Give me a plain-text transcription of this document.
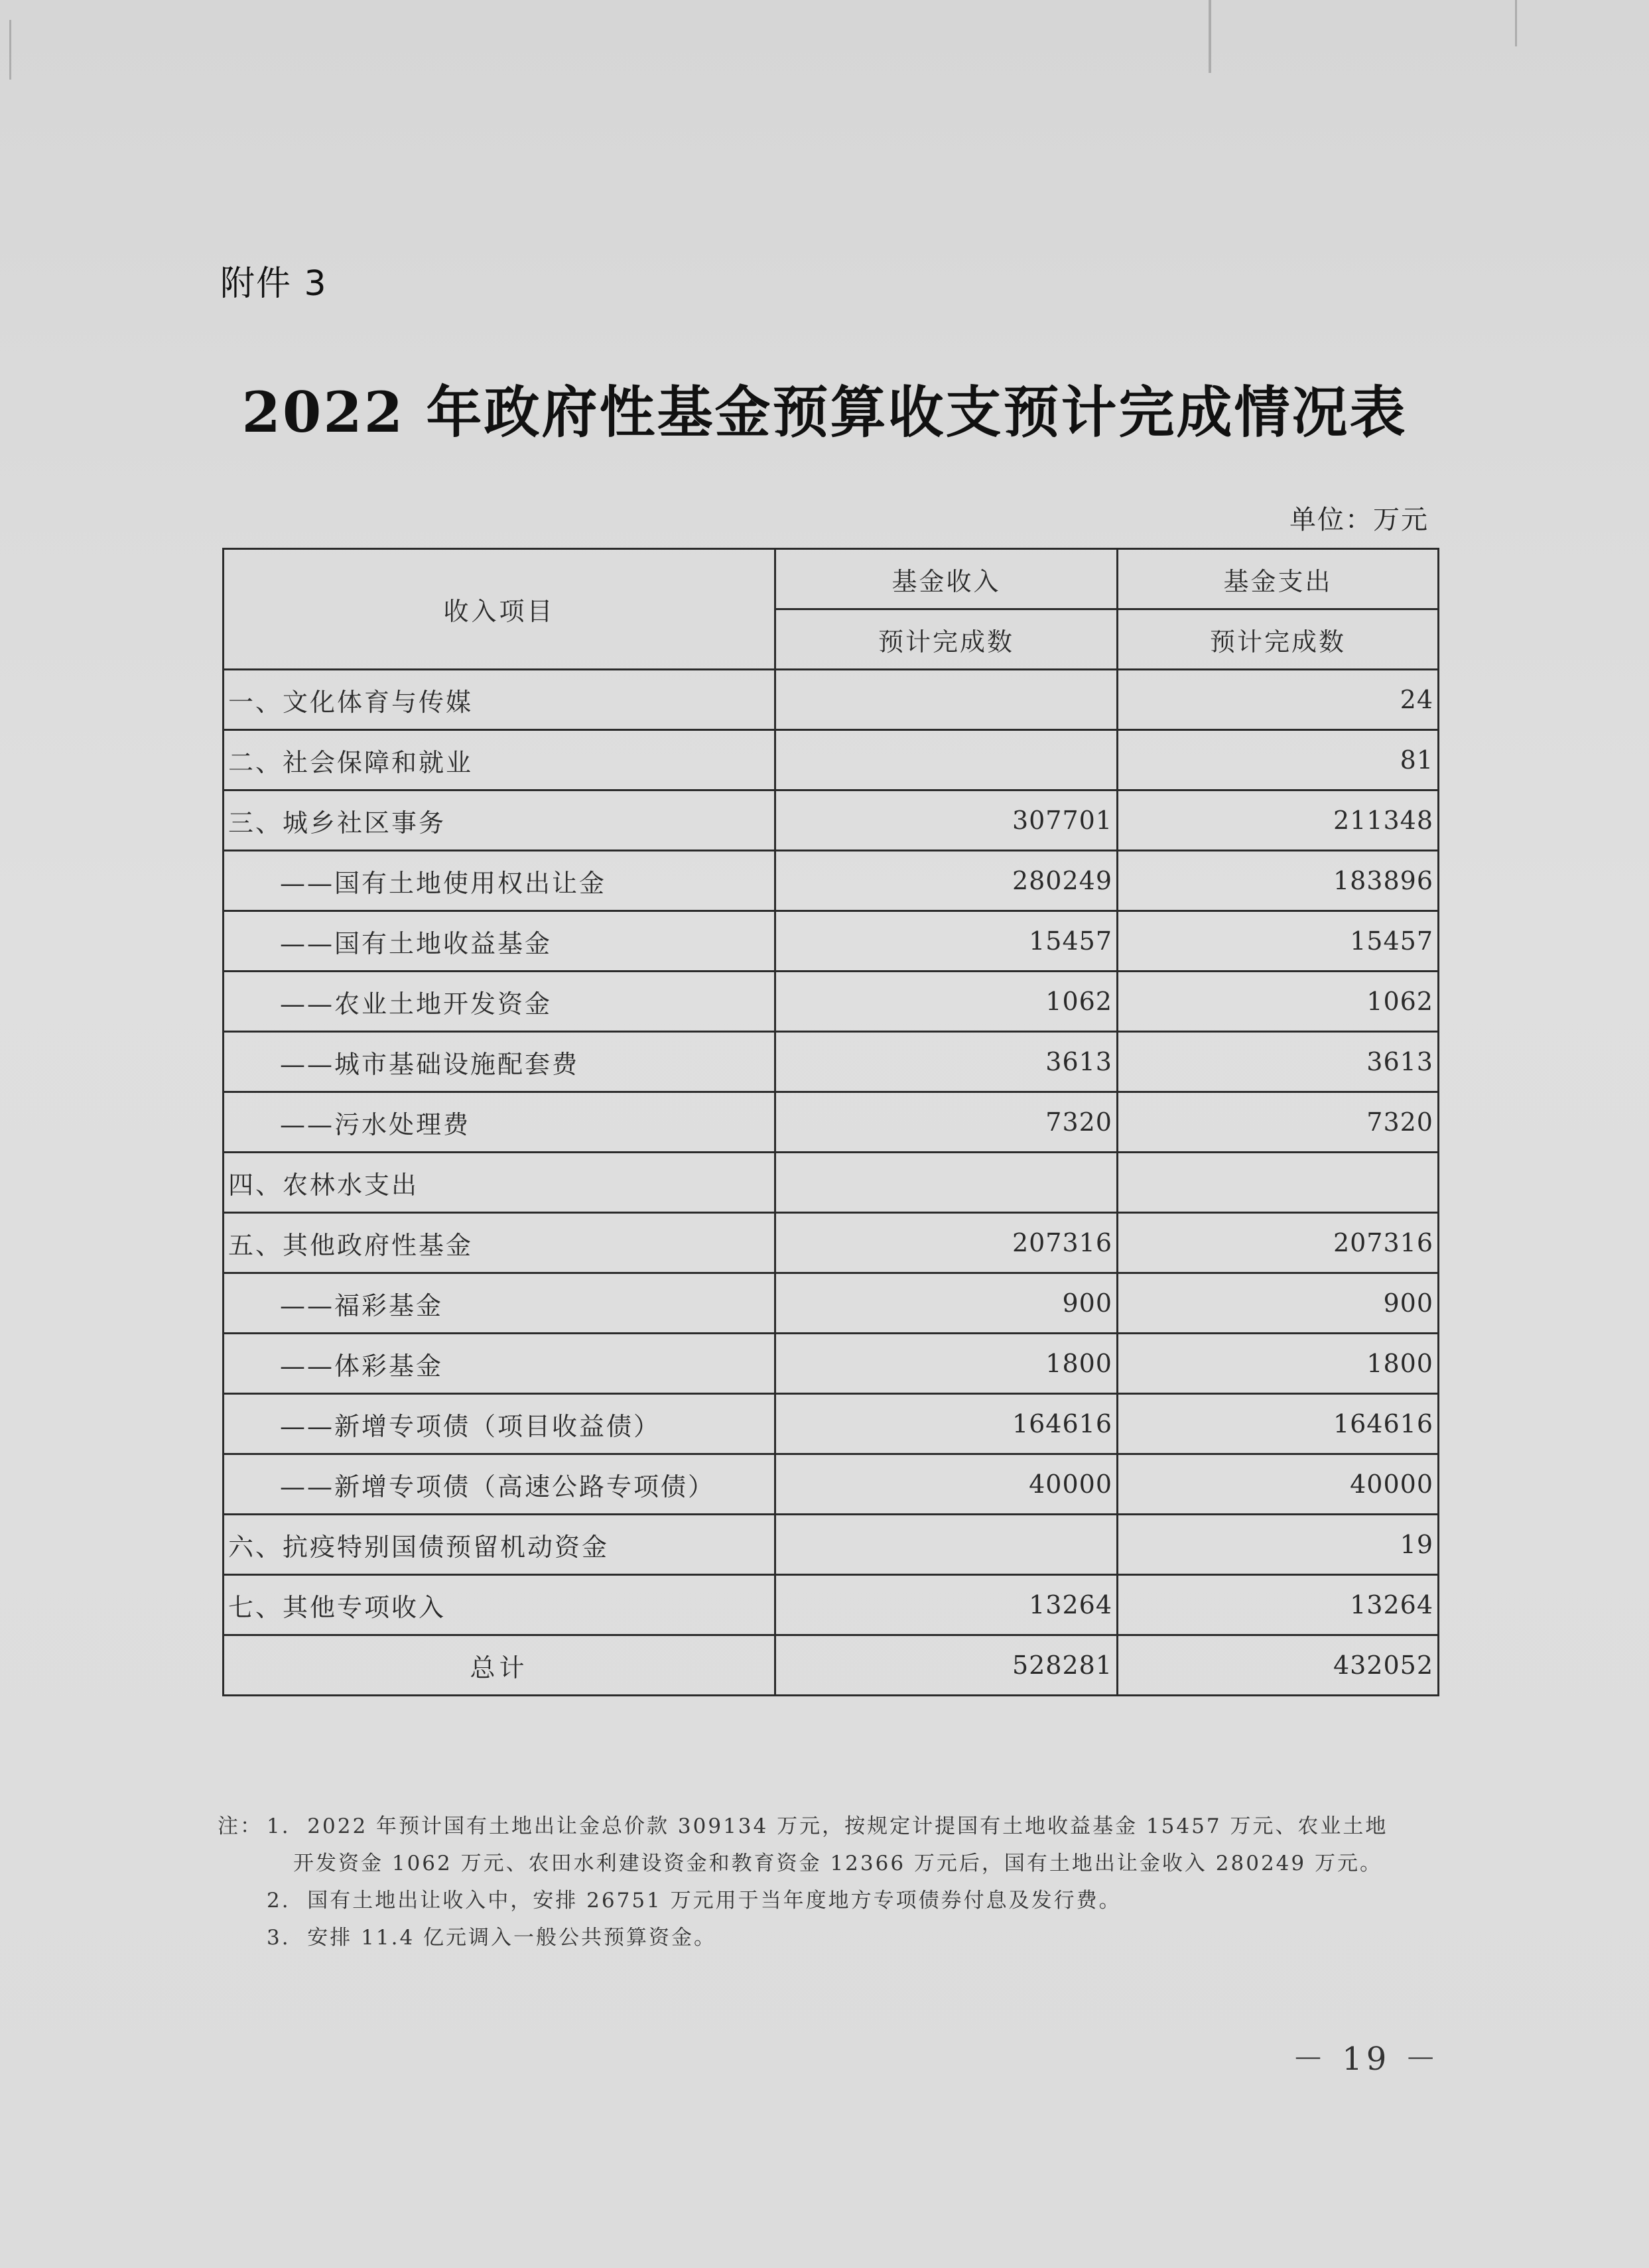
附件 3
2022 年政府性基金预算收支预计完成情况表
单位：万元
收入项目	基金收入	基金支出
	预计完成数	预计完成数
一、文化体育与传媒		24
二、社会保障和就业		81
三、城乡社区事务	307701	211348
——国有土地使用权出让金	280249	183896
——国有土地收益基金	15457	15457
——农业土地开发资金	1062	1062
——城市基础设施配套费	3613	3613
——污水处理费	7320	7320
四、农林水支出		
五、其他政府性基金	207316	207316
——福彩基金	900	900
——体彩基金	1800	1800
——新增专项债（项目收益债）	164616	164616
——新增专项债（高速公路专项债）	40000	40000
六、抗疫特别国债预留机动资金		19
七、其他专项收入	13264	13264
总计	528281	432052
注： 1. 2022 年预计国有土地出让金总价款 309134 万元，按规定计提国有土地收益基金 15457 万元、农业土地
开发资金 1062 万元、农田水利建设资金和教育资金 12366 万元后，国有土地出让金收入 280249 万元。
2. 国有土地出让收入中，安排 26751 万元用于当年度地方专项债券付息及发行费。
3. 安排 11.4 亿元调入一般公共预算资金。
－ 19 －
